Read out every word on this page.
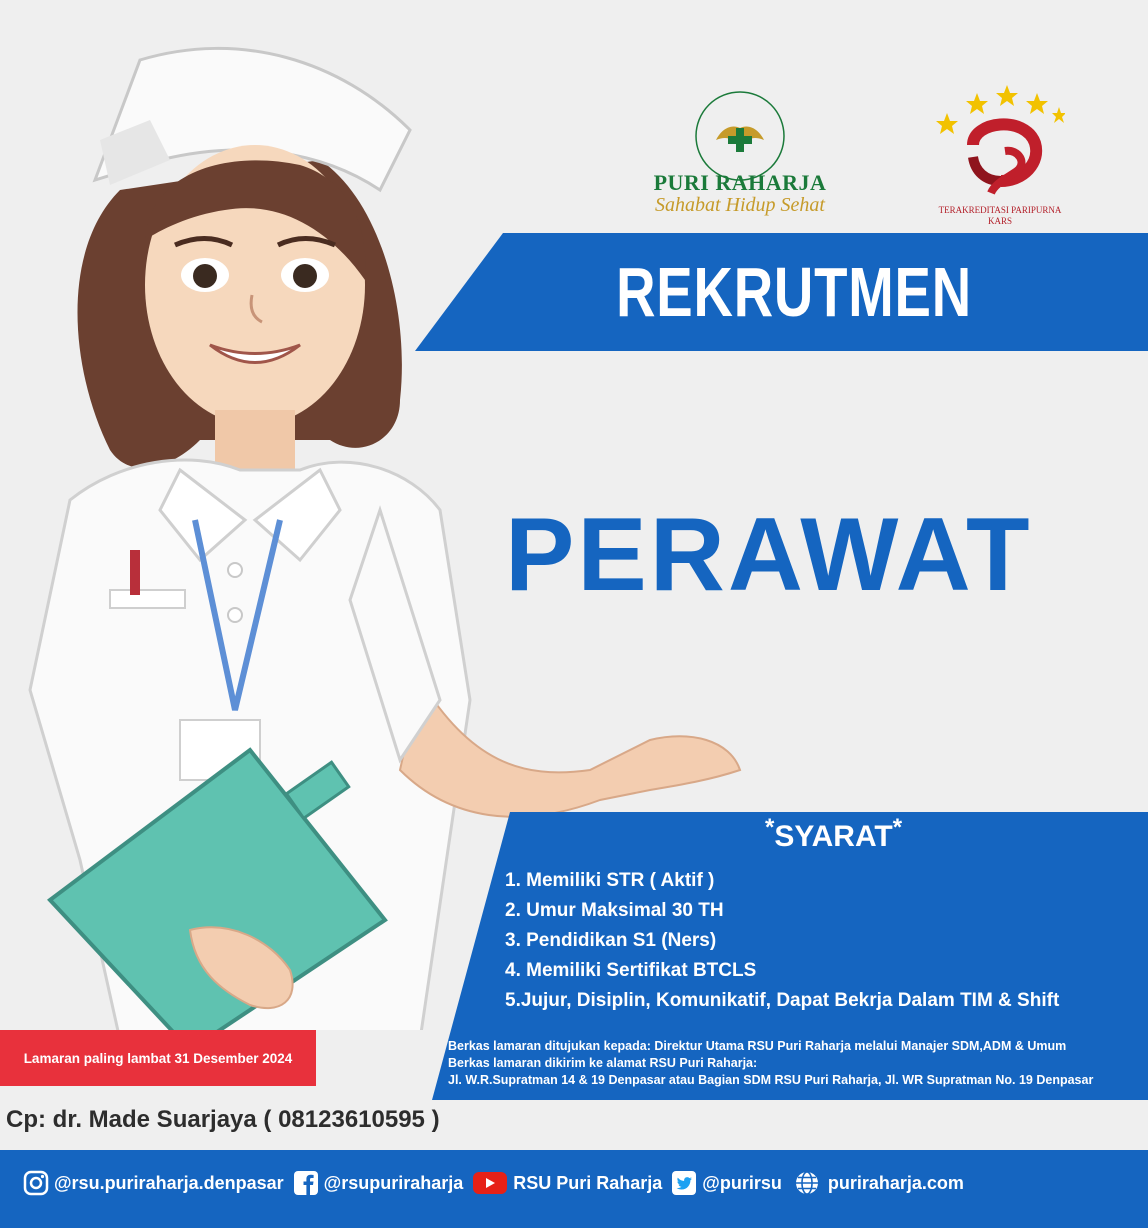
PURI RAHARJA
Sahabat Hidup Sehat	TERAKREDITASI PARIPURNA
KARS
REKRUTMEN
PERAWAT
*SYARAT*
1. Memiliki STR ( Aktif )
2. Umur Maksimal 30 TH
3. Pendidikan S1 (Ners)
4. Memiliki Sertifikat BTCLS
5.Jujur, Disiplin, Komunikatif, Dapat Bekrja Dalam TIM & Shift
Berkas lamaran ditujukan kepada: Direktur Utama RSU Puri Raharja melalui Manajer SDM,ADM & Umum
Berkas lamaran dikirim ke alamat RSU Puri Raharja:
Jl. W.R.Supratman 14 & 19 Denpasar atau Bagian SDM RSU Puri Raharja, Jl. WR Supratman No. 19 Denpasar
Lamaran paling lambat 31 Desember 2024
Cp: dr. Made Suarjaya ( 08123610595 )
@rsu.puriraharja.denpasar @rsupuriraharja	RSU Puri Raharja @purirsu	puriraharja.com
